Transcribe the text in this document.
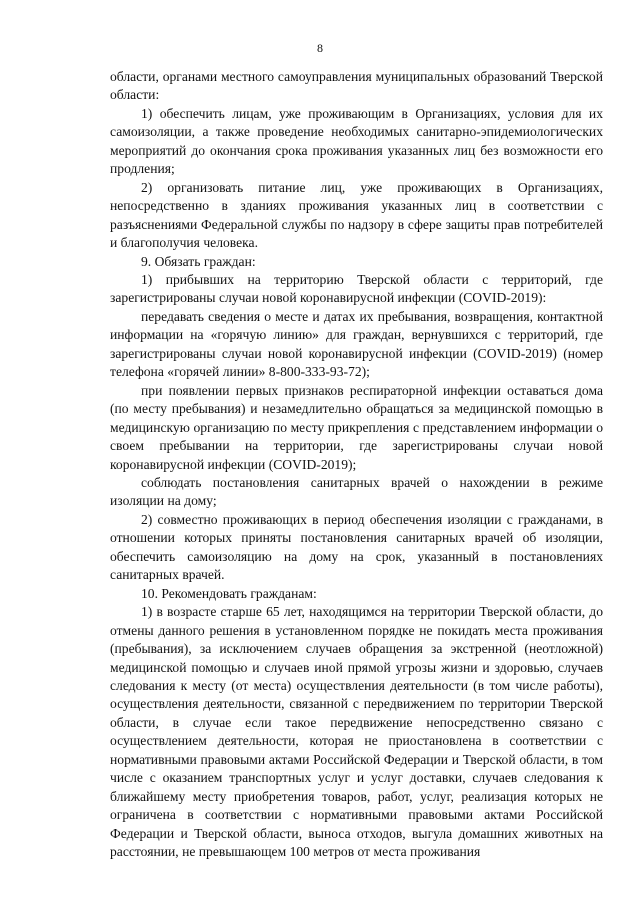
8

области, органами местного самоуправления муниципальных образований Тверской области:

1) обеспечить лицам, уже проживающим в Организациях, условия для их самоизоляции, а также проведение необходимых санитарно-эпидемиологических мероприятий до окончания срока проживания указанных лиц без возможности его продления;

2) организовать питание лиц, уже проживающих в Организациях, непосредственно в зданиях проживания указанных лиц в соответствии с разъяснениями Федеральной службы по надзору в сфере защиты прав потребителей и благополучия человека.

9. Обязать граждан:

1) прибывших на территорию Тверской области с территорий, где зарегистрированы случаи новой коронавирусной инфекции (COVID-2019):

передавать сведения о месте и датах их пребывания, возвращения, контактной информации на «горячую линию» для граждан, вернувшихся с территорий, где зарегистрированы случаи новой коронавирусной инфекции (COVID-2019) (номер телефона «горячей линии» 8-800-333-93-72);

при появлении первых признаков респираторной инфекции оставаться дома (по месту пребывания) и незамедлительно обращаться за медицинской помощью в медицинскую организацию по месту прикрепления с представлением информации о своем пребывании на территории, где зарегистрированы случаи новой коронавирусной инфекции (COVID-2019);

соблюдать постановления санитарных врачей о нахождении в режиме изоляции на дому;

2) совместно проживающих в период обеспечения изоляции с гражданами, в отношении которых приняты постановления санитарных врачей об изоляции, обеспечить самоизоляцию на дому на срок, указанный в постановлениях санитарных врачей.

10. Рекомендовать гражданам:

1) в возрасте старше 65 лет, находящимся на территории Тверской области, до отмены данного решения в установленном порядке не покидать места проживания (пребывания), за исключением случаев обращения за экстренной (неотложной) медицинской помощью и случаев иной прямой угрозы жизни и здоровью, случаев следования к месту (от места) осуществления деятельности (в том числе работы), осуществления деятельности, связанной с передвижением по территории Тверской области, в случае если такое передвижение непосредственно связано с осуществлением деятельности, которая не приостановлена в соответствии с нормативными правовыми актами Российской Федерации и Тверской области, в том числе с оказанием транспортных услуг и услуг доставки, случаев следования к ближайшему месту приобретения товаров, работ, услуг, реализация которых не ограничена в соответствии с нормативными правовыми актами Российской Федерации и Тверской области, выноса отходов, выгула домашних животных на расстоянии, не превышающем 100 метров от места проживания
